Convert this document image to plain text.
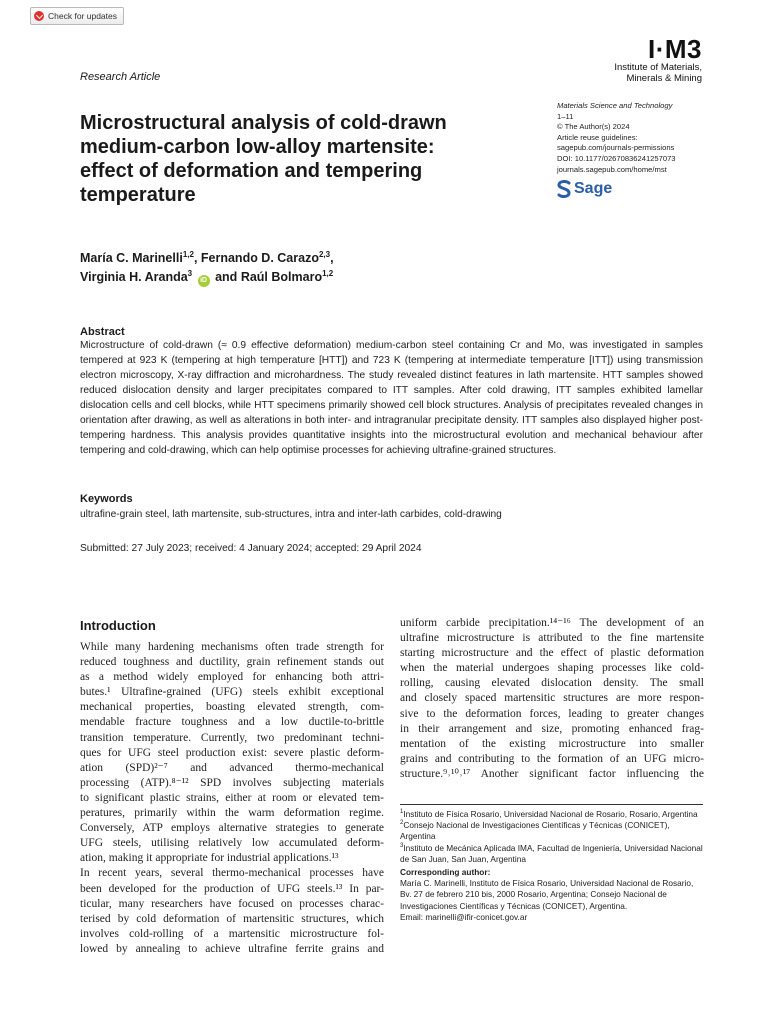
Check for updates
Research Article
I·M3
Institute of Materials,
Minerals & Mining
Materials Science and Technology
1–11
© The Author(s) 2024
Article reuse guidelines:
sagepub.com/journals-permissions
DOI: 10.1177/02670836241257073
journals.sagepub.com/home/mst
Sage
Microstructural analysis of cold-drawn
medium-carbon low-alloy martensite:
effect of deformation and tempering
temperature
María C. Marinelli$^{1,2}$, Fernando D. Carazo$^{2,3}$,
Virginia H. Aranda$^3$ iD and Raúl Bolmaro$^{1,2}$
Abstract
Microstructure of cold-drawn (≈ 0.9 effective deformation) medium-carbon steel containing Cr and Mo, was investigated in samples tempered at 923 K (tempering at high temperature [HTT]) and 723 K (tempering at intermediate temperature [ITT]) using transmission electron microscopy, X-ray diffraction and microhardness. The study revealed distinct features in lath martensite. HTT samples showed reduced dislocation density and larger precipitates compared to ITT samples. After cold drawing, ITT samples exhibited lamellar dislocation cells and cell blocks, while HTT specimens primarily showed cell block structures. Analysis of precipitates revealed changes in orientation after drawing, as well as alterations in both inter- and intragranular precipitate density. ITT samples also displayed higher post-tempering hardness. This analysis provides quantitative insights into the microstructural evolution and mechanical behaviour after tempering and cold-drawing, which can help optimise processes for achieving ultrafine-grained structures.
Keywords
ultrafine-grain steel, lath martensite, sub-structures, intra and inter-lath carbides, cold-drawing
Submitted: 27 July 2023; received: 4 January 2024; accepted: 29 April 2024
Introduction
While many hardening mechanisms often trade strength for
reduced toughness and ductility, grain refinement stands out
as a method widely employed for enhancing both attri-
butes.¹ Ultrafine-grained (UFG) steels exhibit exceptional
mechanical properties, boasting elevated strength, com-
mendable fracture toughness and a low ductile-to-brittle
transition temperature. Currently, two predominant techni-
ques for UFG steel production exist: severe plastic deform-
ation (SPD)²⁻⁷ and advanced thermo-mechanical
processing (ATP).⁸⁻¹² SPD involves subjecting materials
to significant plastic strains, either at room or elevated tem-
peratures, primarily within the warm deformation regime.
Conversely, ATP employs alternative strategies to generate
UFG steels, utilising relatively low accumulated deform-
ation, making it appropriate for industrial applications.¹³
In recent years, several thermo-mechanical processes have
been developed for the production of UFG steels.¹³ In par-
ticular, many researchers have focused on processes charac-
terised by cold deformation of martensitic structures, which
involves cold-rolling of a martensitic microstructure fol-
lowed by annealing to achieve ultrafine ferrite grains and
uniform carbide precipitation.¹⁴⁻¹⁶ The development of an
ultrafine microstructure is attributed to the fine martensite
starting microstructure and the effect of plastic deformation
when the material undergoes shaping processes like cold-
rolling, causing elevated dislocation density. The small
and closely spaced martensitic structures are more respon-
sive to the deformation forces, leading to greater changes
in their arrangement and size, promoting enhanced frag-
mentation of the existing microstructure into smaller
grains and contributing to the formation of an UFG micro-
structure.⁹˒¹⁰˒¹⁷ Another significant factor influencing the
$^1$Instituto de Física Rosario, Universidad Nacional de Rosario, Rosario, Argentina
$^2$Consejo Nacional de Investigaciones Científicas y Técnicas (CONICET), Argentina
$^3$Instituto de Mecánica Aplicada IMA, Facultad de Ingeniería, Universidad Nacional de San Juan, San Juan, Argentina
Corresponding author:
María C. Marinelli, Instituto de Física Rosario, Universidad Nacional de Rosario, Bv. 27 de febrero 210 bis, 2000 Rosario, Argentina; Consejo Nacional de Investigaciones Científicas y Técnicas (CONICET), Argentina.
Email: marinelli@ifir-conicet.gov.ar
